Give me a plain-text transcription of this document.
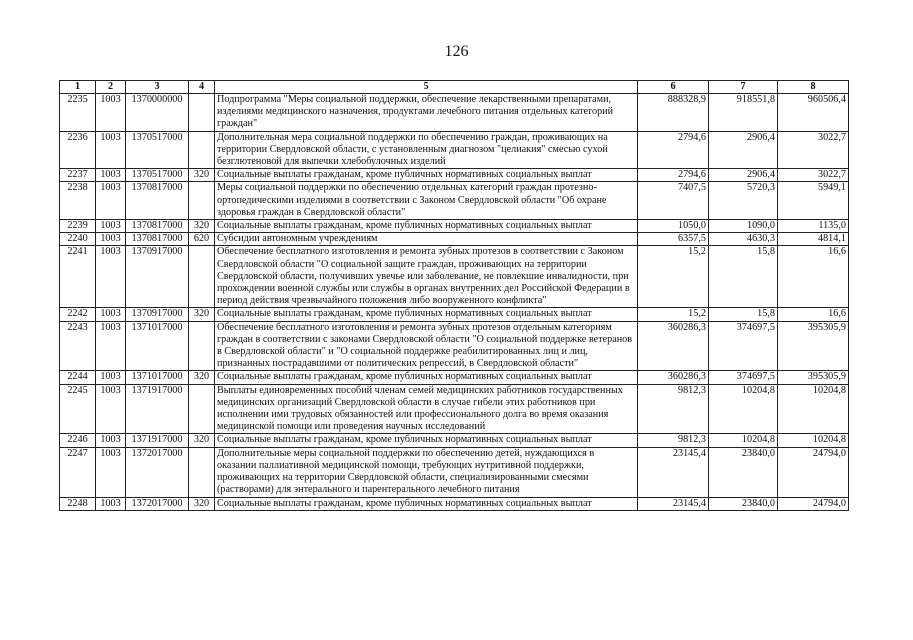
126
1	2	3	4	5	6	7	8
2235	1003	1370000000		Подпрограмма "Меры социальной поддержки, обеспечение лекарственными препаратами, изделиями медицинского назначения, продуктами лечебного питания отдельных категорий граждан"	888328,9	918551,8	960506,4
2236	1003	1370517000		Дополнительная мера социальной поддержки по обеспечению граждан, проживающих на территории Свердловской области, с установленным диагнозом "целиакия" смесью сухой безглютеновой для выпечки хлебобулочных изделий	2794,6	2906,4	3022,7
2237	1003	1370517000	320	Социальные выплаты гражданам, кроме публичных нормативных социальных выплат	2794,6	2906,4	3022,7
2238	1003	1370817000		Меры социальной поддержки по обеспечению отдельных категорий граждан протезно-ортопедическими изделиями в соответствии с Законом Свердловской области "Об охране здоровья граждан в Свердловской области"	7407,5	5720,3	5949,1
2239	1003	1370817000	320	Социальные выплаты гражданам, кроме публичных нормативных социальных выплат	1050,0	1090,0	1135,0
2240	1003	1370817000	620	Субсидии автономным учреждениям	6357,5	4630,3	4814,1
2241	1003	1370917000		Обеспечение бесплатного изготовления и ремонта зубных протезов в соответствии с Законом Свердловской области "О социальной защите граждан, проживающих на территории Свердловской области, получивших увечье или заболевание, не повлекшие инвалидности, при прохождении военной службы или службы в органах внутренних дел Российской Федерации в период действия чрезвычайного положения либо вооруженного конфликта"	15,2	15,8	16,6
2242	1003	1370917000	320	Социальные выплаты гражданам, кроме публичных нормативных социальных выплат	15,2	15,8	16,6
2243	1003	1371017000		Обеспечение бесплатного изготовления и ремонта зубных протезов отдельным категориям граждан в соответствии с законами Свердловской области "О социальной поддержке ветеранов в Свердловской области" и "О социальной поддержке реабилитированных лиц и лиц, признанных пострадавшими от политических репрессий, в Свердловской области"	360286,3	374697,5	395305,9
2244	1003	1371017000	320	Социальные выплаты гражданам, кроме публичных нормативных социальных выплат	360286,3	374697,5	395305,9
2245	1003	1371917000		Выплаты единовременных пособий членам семей медицинских работников государственных медицинских организаций Свердловской области в случае гибели этих работников при исполнении ими трудовых обязанностей или профессионального долга во время оказания медицинской помощи или проведения научных исследований	9812,3	10204,8	10204,8
2246	1003	1371917000	320	Социальные выплаты гражданам, кроме публичных нормативных социальных выплат	9812,3	10204,8	10204,8
2247	1003	1372017000		Дополнительные меры социальной поддержки по обеспечению детей, нуждающихся в оказании паллиативной медицинской помощи, требующих нутритивной поддержки, проживающих на территории Свердловской области, специализированными смесями (растворами) для энтерального и парентерального лечебного питания	23145,4	23840,0	24794,0
2248	1003	1372017000	320	Социальные выплаты гражданам, кроме публичных нормативных социальных выплат	23145,4	23840,0	24794,0
